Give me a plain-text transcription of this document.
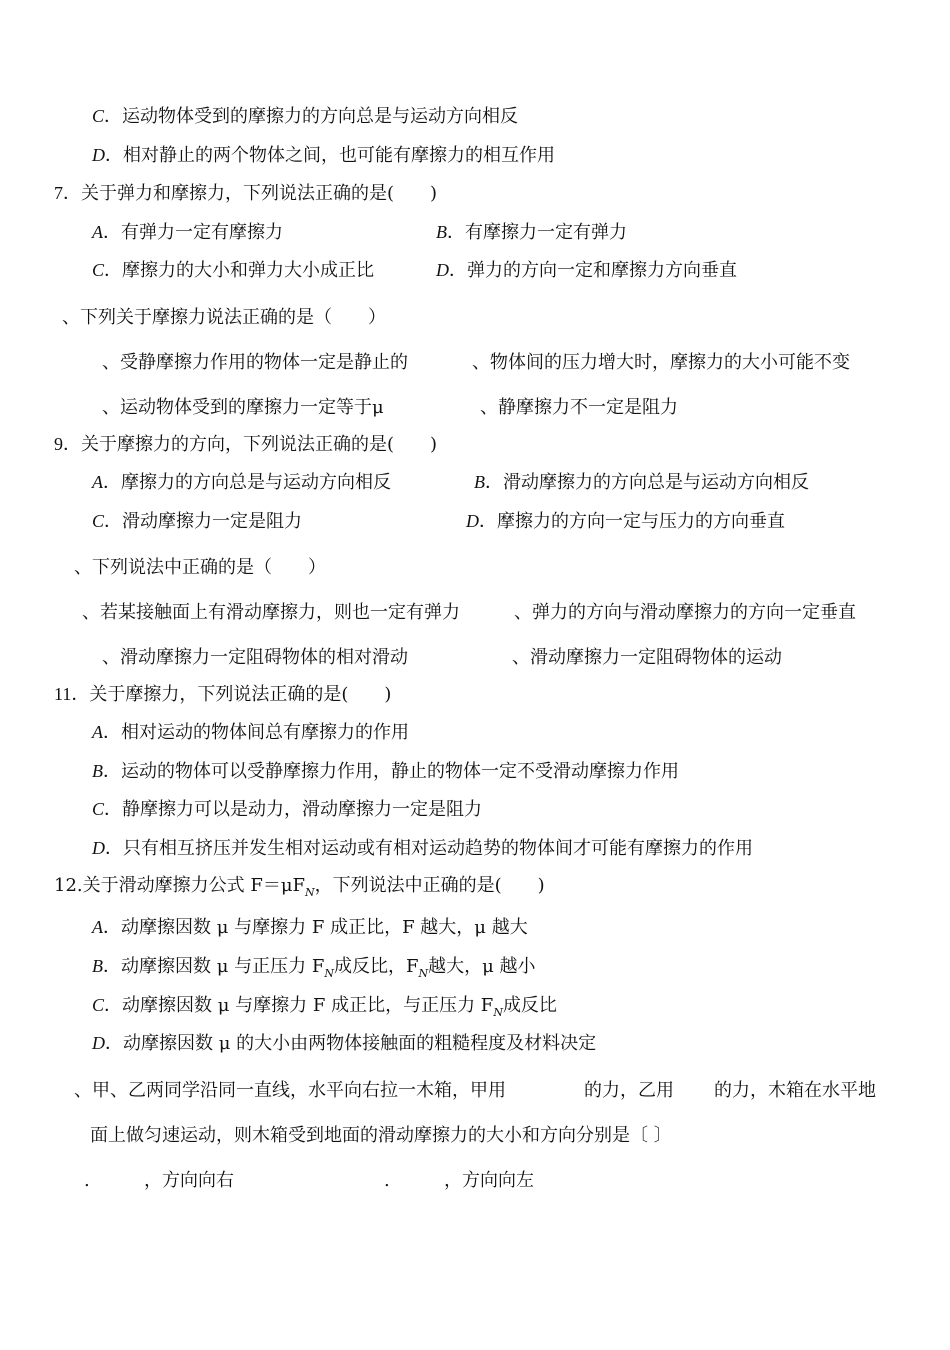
C．运动物体受到的摩擦力的方向总是与运动方向相反
D．相对静止的两个物体之间，也可能有摩擦力的相互作用
7．关于弹力和摩擦力，下列说法正确的是(　　)
A．有弹力一定有摩擦力	B．有摩擦力一定有弹力
C．摩擦力的大小和弹力大小成正比	D．弹力的方向一定和摩擦力方向垂直
、下列关于摩擦力说法正确的是（　　）
、受静摩擦力作用的物体一定是静止的	、物体间的压力增大时，摩擦力的大小可能不变
、运动物体受到的摩擦力一定等于μ	、静摩擦力不一定是阻力
9．关于摩擦力的方向，下列说法正确的是(　　)
A．摩擦力的方向总是与运动方向相反	B．滑动摩擦力的方向总是与运动方向相反
C．滑动摩擦力一定是阻力	D．摩擦力的方向一定与压力的方向垂直
、下列说法中正确的是（　　）
、若某接触面上有滑动摩擦力，则也一定有弹力	、弹力的方向与滑动摩擦力的方向一定垂直
、滑动摩擦力一定阻碍物体的相对滑动	、滑动摩擦力一定阻碍物体的运动
11．关于摩擦力，下列说法正确的是(　　)
A．相对运动的物体间总有摩擦力的作用
B．运动的物体可以受静摩擦力作用，静止的物体一定不受滑动摩擦力作用
C．静摩擦力可以是动力，滑动摩擦力一定是阻力
D．只有相互挤压并发生相对运动或有相对运动趋势的物体间才可能有摩擦力的作用
12.关于滑动摩擦力公式 $F=\mu F_N$，下列说法中正确的是(　　)
A．动摩擦因数 μ 与摩擦力 F 成正比，F 越大，μ 越大
B．动摩擦因数 μ 与正压力 $F_N$成反比，$F_N$越大，μ 越小
C．动摩擦因数 μ 与摩擦力 F 成正比，与正压力 $F_N$成反比
D．动摩擦因数 μ 的大小由两物体接触面的粗糙程度及材料决定
、甲、乙两同学沿同一直线，水平向右拉一木箱，甲用	的力，乙用 的力，木箱在水平地
面上做匀速运动，则木箱受到地面的滑动摩擦力的大小和方向分别是〔 〕
.	，方向向右	.	，方向向左
